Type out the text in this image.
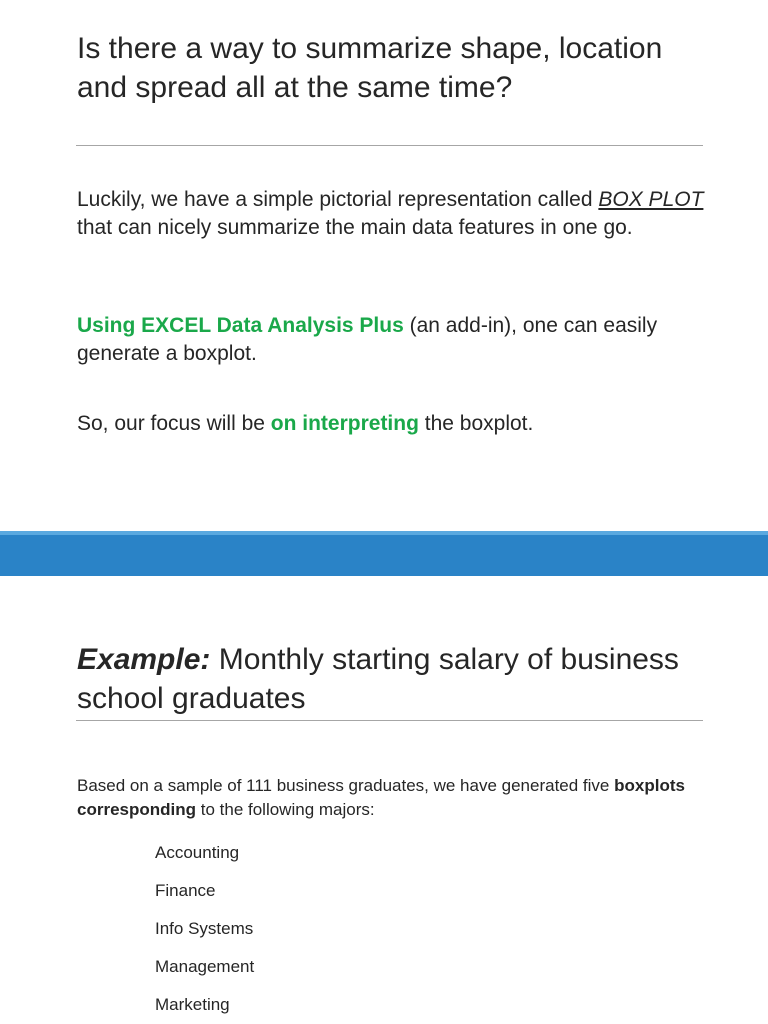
Is there a way to summarize shape, location and spread all at the same time?

Luckily, we have a simple pictorial representation called BOX PLOT that can nicely summarize the main data features in one go.

Using EXCEL Data Analysis Plus (an add-in), one can easily generate a boxplot.

So, our focus will be on interpreting the boxplot.

Example: Monthly starting salary of business school graduates

Based on a sample of 111 business graduates, we have generated five boxplots corresponding to the following majors:

Accounting
Finance
Info Systems
Management
Marketing
